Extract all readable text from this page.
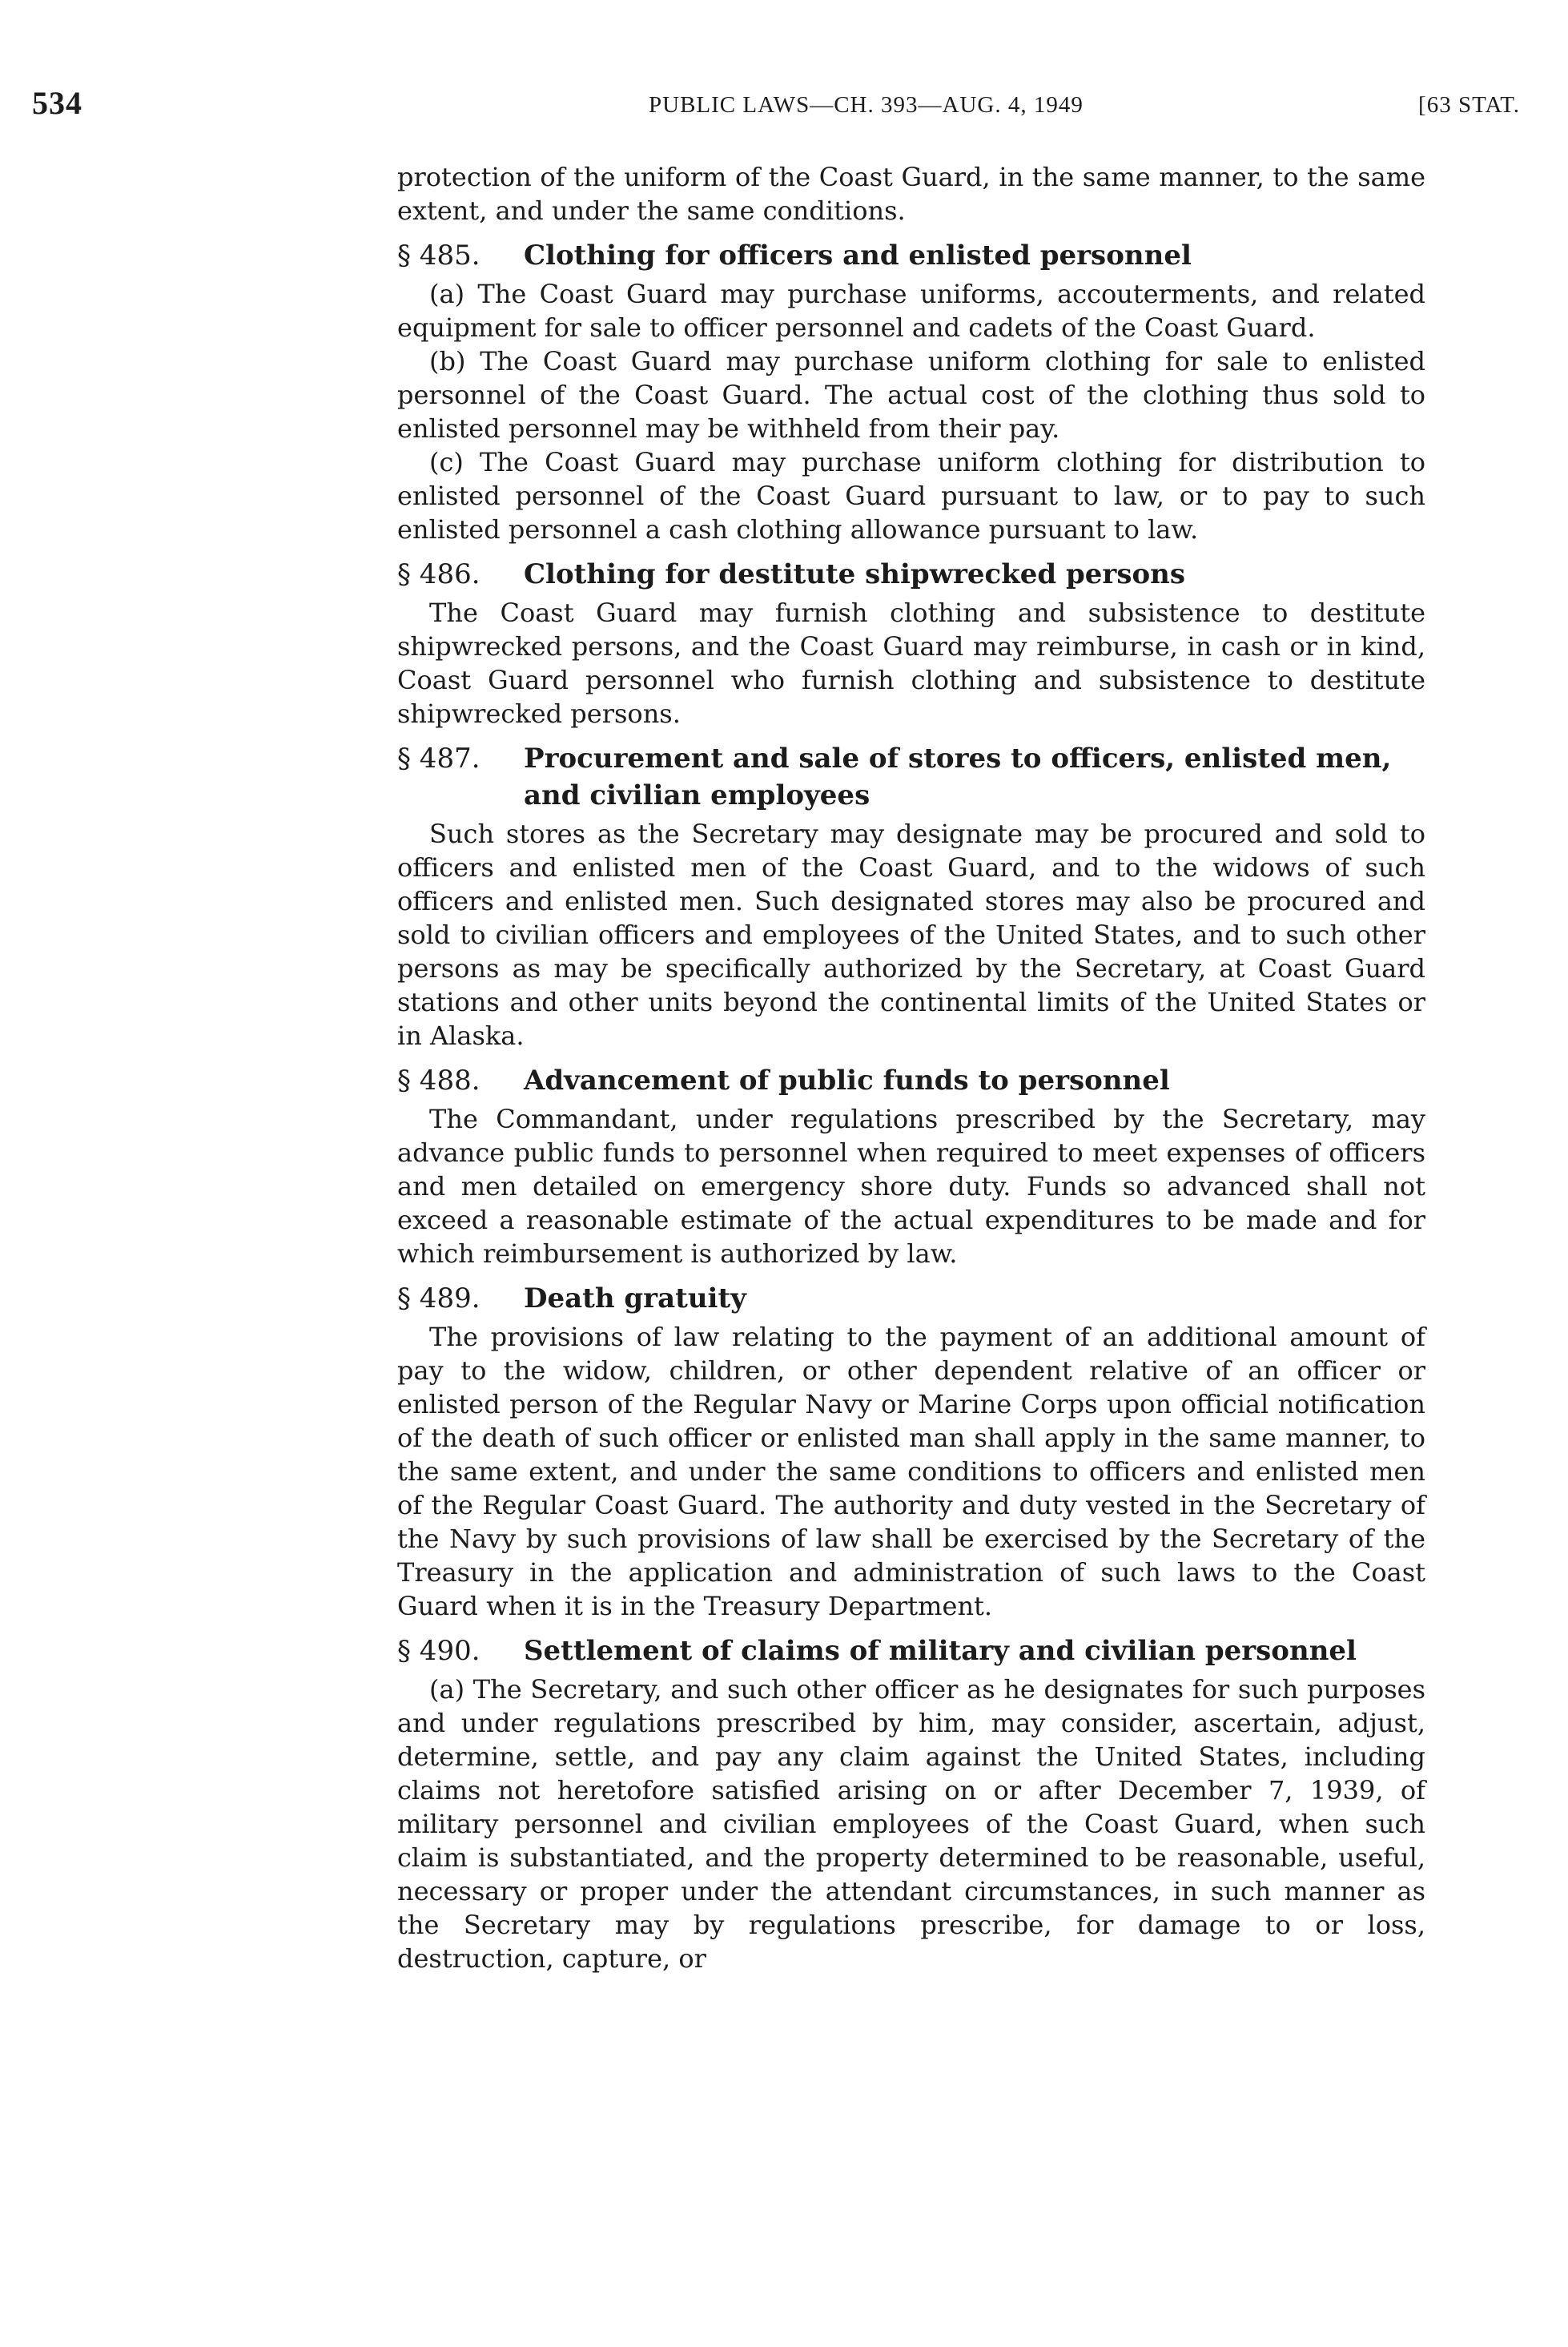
534	PUBLIC LAWS—CH. 393—AUG. 4, 1949	[63 STAT.

protection of the uniform of the Coast Guard, in the same manner, to the same extent, and under the same conditions.

§ 485. Clothing for officers and enlisted personnel

(a) The Coast Guard may purchase uniforms, accouterments, and related equipment for sale to officer personnel and cadets of the Coast Guard.

(b) The Coast Guard may purchase uniform clothing for sale to enlisted personnel of the Coast Guard. The actual cost of the clothing thus sold to enlisted personnel may be withheld from their pay.

(c) The Coast Guard may purchase uniform clothing for distribution to enlisted personnel of the Coast Guard pursuant to law, or to pay to such enlisted personnel a cash clothing allowance pursuant to law.

§ 486. Clothing for destitute shipwrecked persons

The Coast Guard may furnish clothing and subsistence to destitute shipwrecked persons, and the Coast Guard may reimburse, in cash or in kind, Coast Guard personnel who furnish clothing and subsistence to destitute shipwrecked persons.

§ 487. Procurement and sale of stores to officers, enlisted men, and civilian employees

Such stores as the Secretary may designate may be procured and sold to officers and enlisted men of the Coast Guard, and to the widows of such officers and enlisted men. Such designated stores may also be procured and sold to civilian officers and employees of the United States, and to such other persons as may be specifically authorized by the Secretary, at Coast Guard stations and other units beyond the continental limits of the United States or in Alaska.

§ 488. Advancement of public funds to personnel

The Commandant, under regulations prescribed by the Secretary, may advance public funds to personnel when required to meet expenses of officers and men detailed on emergency shore duty. Funds so advanced shall not exceed a reasonable estimate of the actual expenditures to be made and for which reimbursement is authorized by law.

§ 489. Death gratuity

The provisions of law relating to the payment of an additional amount of pay to the widow, children, or other dependent relative of an officer or enlisted person of the Regular Navy or Marine Corps upon official notification of the death of such officer or enlisted man shall apply in the same manner, to the same extent, and under the same conditions to officers and enlisted men of the Regular Coast Guard. The authority and duty vested in the Secretary of the Navy by such provisions of law shall be exercised by the Secretary of the Treasury in the application and administration of such laws to the Coast Guard when it is in the Treasury Department.

§ 490. Settlement of claims of military and civilian personnel

(a) The Secretary, and such other officer as he designates for such purposes and under regulations prescribed by him, may consider, ascertain, adjust, determine, settle, and pay any claim against the United States, including claims not heretofore satisfied arising on or after December 7, 1939, of military personnel and civilian employees of the Coast Guard, when such claim is substantiated, and the property determined to be reasonable, useful, necessary or proper under the attendant circumstances, in such manner as the Secretary may by regulations prescribe, for damage to or loss, destruction, capture, or
